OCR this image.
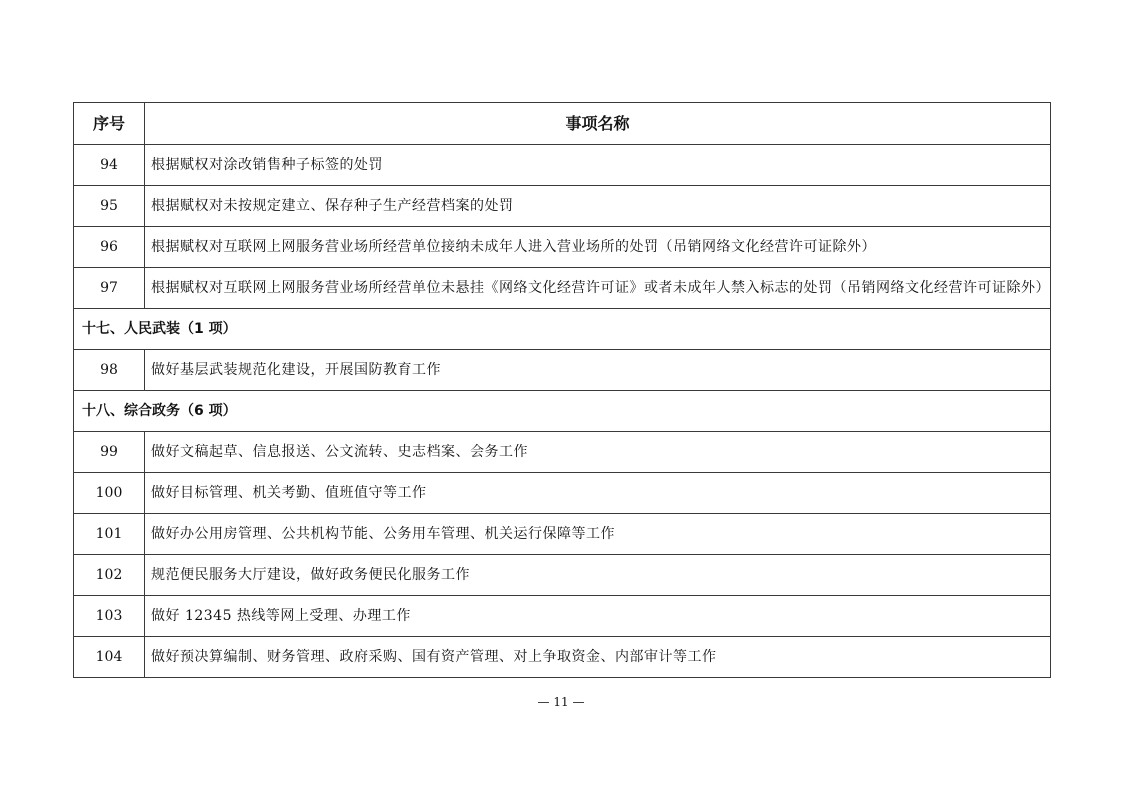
序号	事项名称
94	根据赋权对涂改销售种子标签的处罚
95	根据赋权对未按规定建立、保存种子生产经营档案的处罚
96	根据赋权对互联网上网服务营业场所经营单位接纳未成年人进入营业场所的处罚（吊销网络文化经营许可证除外）
97	根据赋权对互联网上网服务营业场所经营单位未悬挂《网络文化经营许可证》或者未成年人禁入标志的处罚（吊销网络文化经营许可证除外）
十七、人民武装（1 项）	
98	做好基层武装规范化建设，开展国防教育工作
十八、综合政务（6 项）	
99	做好文稿起草、信息报送、公文流转、史志档案、会务工作
100	做好目标管理、机关考勤、值班值守等工作
101	做好办公用房管理、公共机构节能、公务用车管理、机关运行保障等工作
102	规范便民服务大厅建设，做好政务便民化服务工作
103	做好 12345 热线等网上受理、办理工作
104	做好预决算编制、财务管理、政府采购、国有资产管理、对上争取资金、内部审计等工作
— 11 —
